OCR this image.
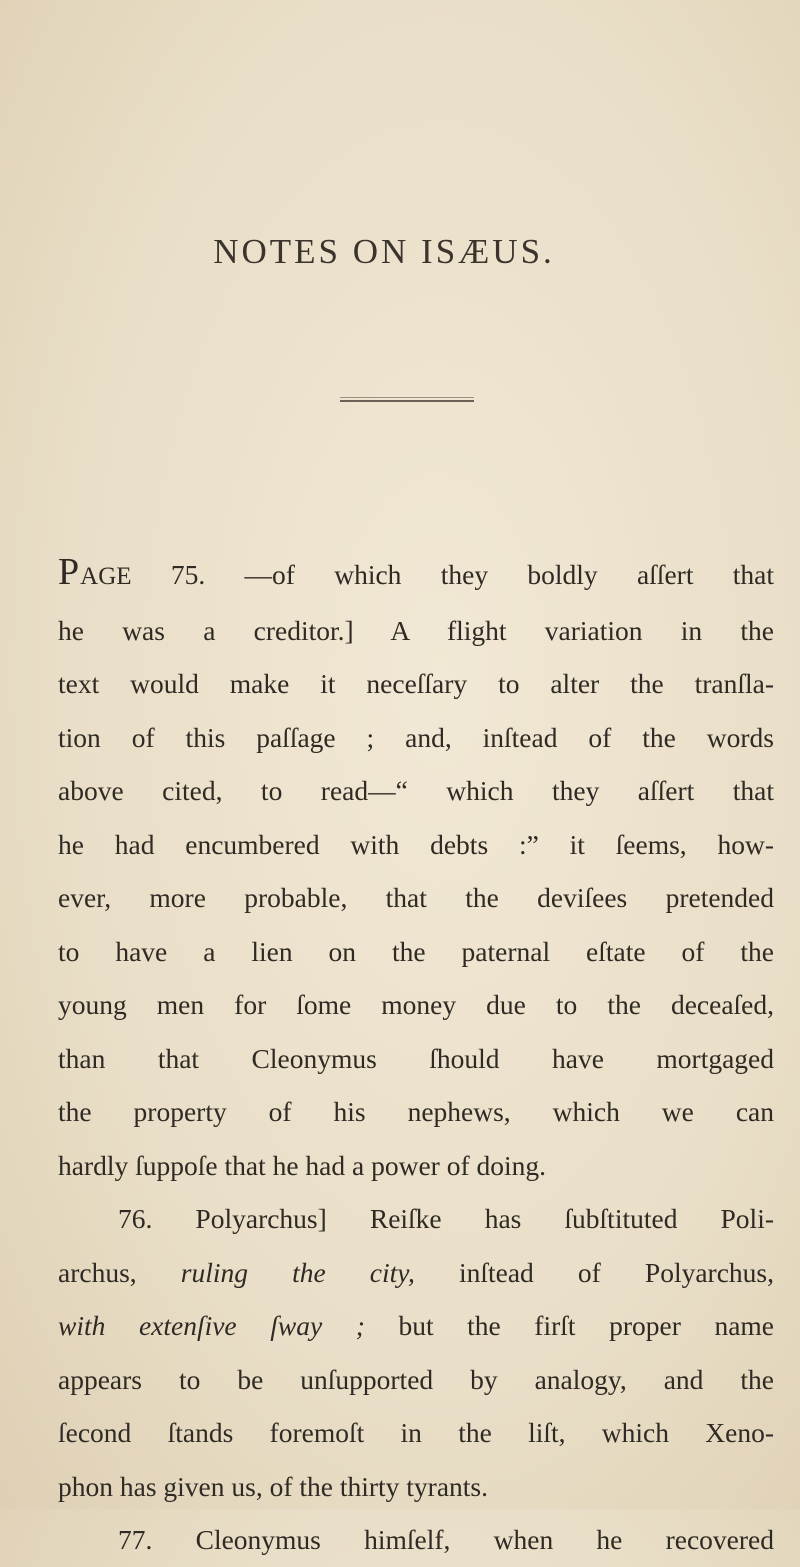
NOTES ON ISÆUS.
PAGE 75. —of which they boldly aſſert that
he was a creditor.] A flight variation in the
text would make it neceſſary to alter the tranſla-
tion of this paſſage ; and, inſtead of the words
above cited, to read—“ which they aſſert that
he had encumbered with debts :” it ſeems, how-
ever, more probable, that the deviſees pretended
to have a lien on the paternal eſtate of the
young men for ſome money due to the deceaſed,
than that Cleonymus ſhould have mortgaged
the property of his nephews, which we can
hardly ſuppoſe that he had a power of doing.
76. Polyarchus] Reiſke has ſubſtituted Poli-
archus, ruling the city, inſtead of Polyarchus,
with extenſive ſway ; but the firſt proper name
appears to be unſupported by analogy, and the
ſecond ſtands foremoſt in the liſt, which Xeno-
phon has given us, of the thirty tyrants.
77. Cleonymus himſelf, when he recovered
